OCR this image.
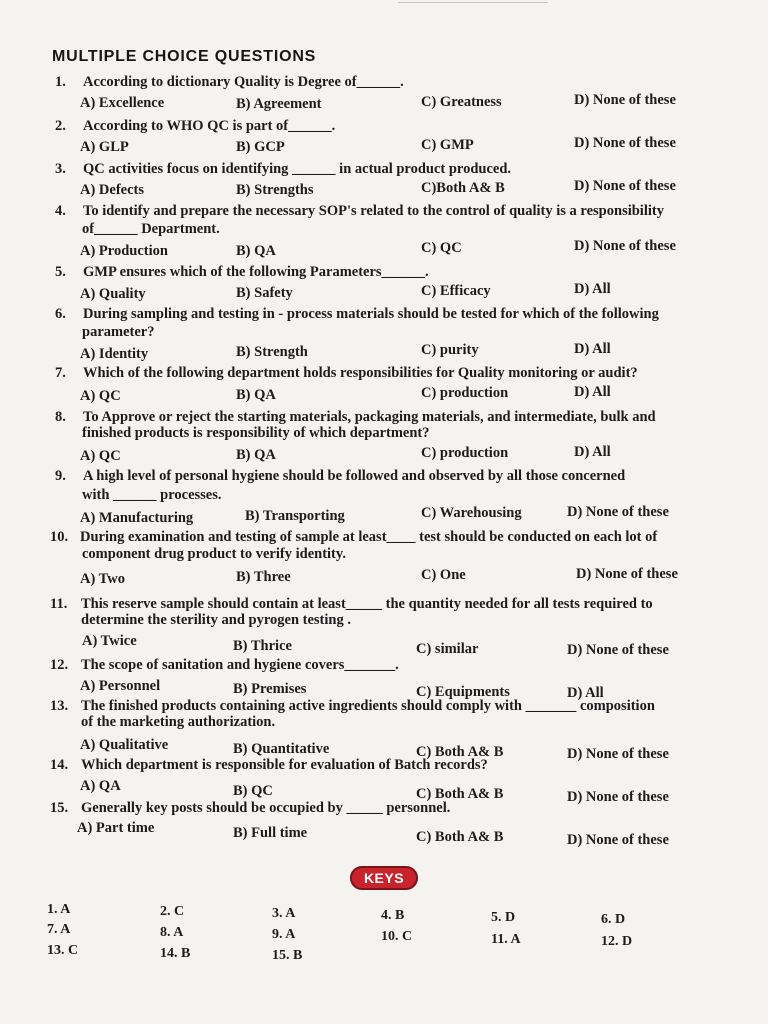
MULTIPLE CHOICE QUESTIONS
1. According to dictionary Quality is Degree of______.
A) Excellence	B) Agreement	C) Greatness	D) None of these
2. According to WHO QC is part of______.
A) GLP	B) GCP	C) GMP	D) None of these
3. QC activities focus on identifying ______ in actual product produced.
A) Defects	B) Strengths	C)Both A& B	D) None of these
4. To identify and prepare the necessary SOP's related to the control of quality is a responsibility
of______ Department.
A) Production	B) QA	C) QC	D) None of these
5. GMP ensures which of the following Parameters______.
A) Quality	B) Safety	C) Efficacy	D) All
6. During sampling and testing in - process materials should be tested for which of the following
parameter?
A) Identity	B) Strength	C) purity	D) All
7. Which of the following department holds responsibilities for Quality monitoring or audit?
A) QC	B) QA	C) production	D) All
8. To Approve or reject the starting materials, packaging materials, and intermediate, bulk and
finished products is responsibility of which department?
A) QC	B) QA	C) production	D) All
9. A high level of personal hygiene should be followed and observed by all those concerned
with ______ processes.
A) Manufacturing	B) Transporting	C) Warehousing	D) None of these
10. During examination and testing of sample at least____ test should be conducted on each lot of
component drug product to verify identity.
A) Two	B) Three	C) One	D) None of these
11. This reserve sample should contain at least_____ the quantity needed for all tests required to
determine the sterility and pyrogen testing .
A) Twice	B) Thrice	C) similar	D) None of these
12. The scope of sanitation and hygiene covers_______.
A) Personnel	B) Premises	C) Equipments	D) All
13. The finished products containing active ingredients should comply with _______ composition
of the marketing authorization.
A) Qualitative	B) Quantitative	C) Both A& B	D) None of these
14. Which department is responsible for evaluation of Batch records?
A) QA	B) QC	C) Both A& B	D) None of these
15. Generally key posts should be occupied by _____ personnel.
A) Part time	B) Full time	C) Both A& B	D) None of these
KEYS
1. A	2. C	3. A	4. B	5. D	6. D
7. A	8. A	9. A	10. C	11. A	12. D
13. C	14. B	15. B
